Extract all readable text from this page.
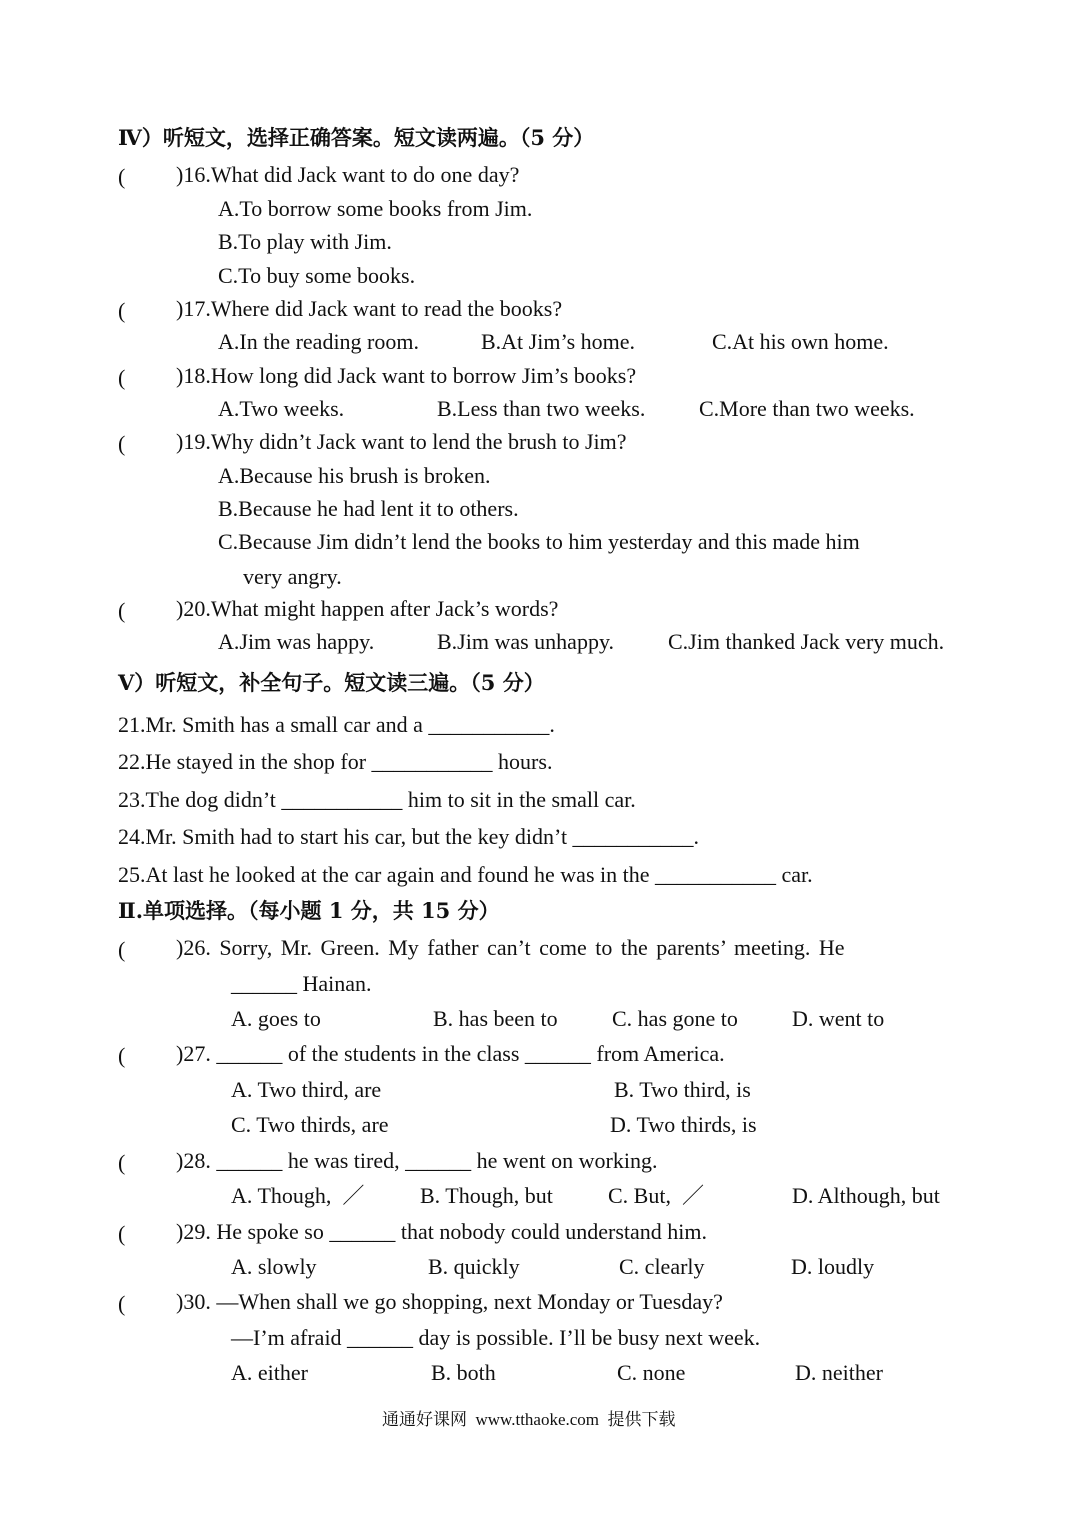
Ⅳ）听短文，选择正确答案。短文读两遍。（5 分）
( )16.What did Jack want to do one day?
A.To borrow some books from Jim.
B.To play with Jim.
C.To buy some books.
( )17.Where did Jack want to read the books?
A.In the reading room.	B.At Jim’s home.	C.At his own home.
( )18.How long did Jack want to borrow Jim’s books?
A.Two weeks.	B.Less than two weeks. C.More than two weeks.
( )19.Why didn’t Jack want to lend the brush to Jim?
A.Because his brush is broken.
B.Because he had lent it to others.
C.Because Jim didn’t lend the books to him yesterday and this made him
very angry.
( )20.What might happen after Jack’s words?
A.Jim was happy.	B.Jim was unhappy. C.Jim thanked Jack very much.
Ⅴ）听短文，补全句子。短文读三遍。（5 分）
21.Mr. Smith has a small car and a ___________.
22.He stayed in the shop for ___________ hours.
23.The dog didn’t ___________ him to sit in the small car.
24.Mr. Smith had to start his car, but the key didn’t ___________.
25.At last he looked at the car again and found he was in the ___________ car.
Ⅱ.单项选择。（每小题 1 分，共 15 分）
( )26. Sorry, Mr. Green. My father can’t come to the parents’ meeting. He
______ Hainan.
A. goes to	B. has been to C. has gone to D. went to
( )27. ______ of the students in the class ______ from America.
A. Two third, are	B. Two third, is
C. Two thirds, are	D. Two thirds, is
( )28. ______ he was tired, ______ he went on working.
A. Though,  ／	B. Though, but	C. But,  ／	D. Although, but
( )29. He spoke so ______ that nobody could understand him.
A. slowly	B. quickly	C. clearly	D. loudly
( )30. —When shall we go shopping, next Monday or Tuesday?
—I’m afraid ______ day is possible. I’ll be busy next week.
A. either	B. both	C. none	D. neither
通通好课网  www.tthaoke.com  提供下载
